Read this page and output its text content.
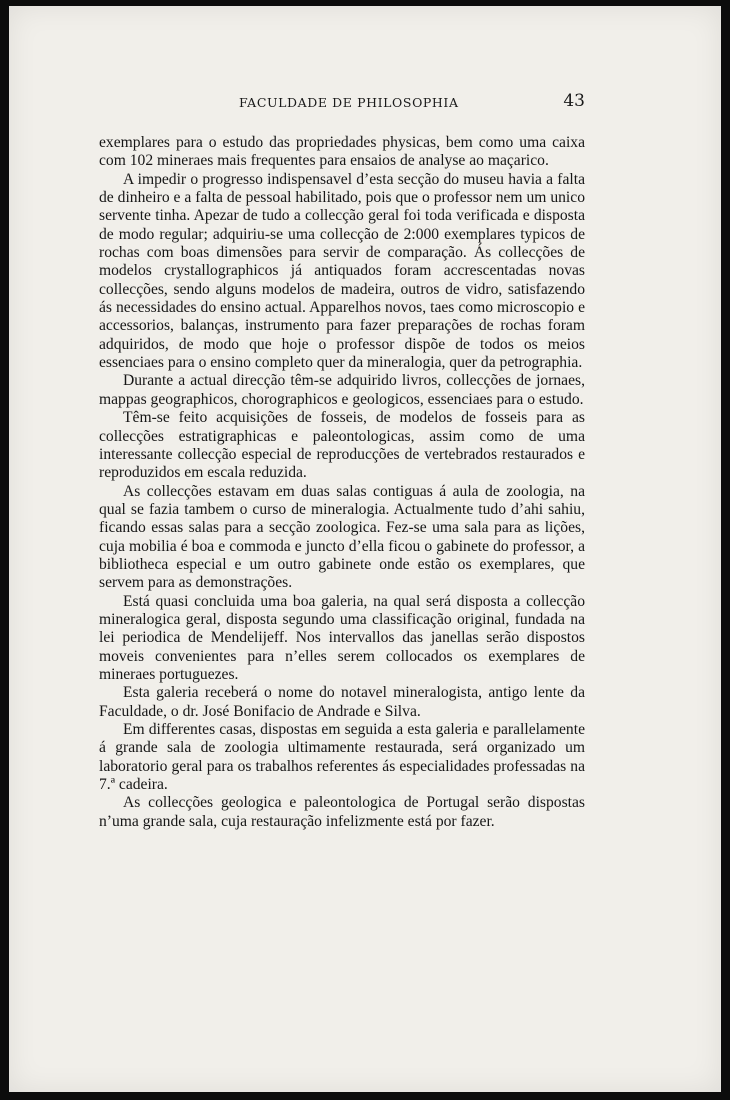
FACULDADE DE PHILOSOPHIA	43

exemplares para o estudo das propriedades physicas, bem como uma caixa com 102 mineraes mais frequentes para ensaios de analyse ao maçarico.

A impedir o progresso indispensavel d’esta secção do museu havia a falta de dinheiro e a falta de pessoal habilitado, pois que o professor nem um unico servente tinha. Apezar de tudo a collecção geral foi toda verificada e disposta de modo regular; adquiriu-se uma collecção de 2:000 exemplares typicos de rochas com boas dimensões para servir de comparação. Ás collecções de modelos crystallographicos já antiquados foram accrescentadas novas collecções, sendo alguns modelos de madeira, outros de vidro, satisfazendo ás necessidades do ensino actual. Apparelhos novos, taes como microscopio e accessorios, balanças, instrumento para fazer preparações de rochas foram adquiridos, de modo que hoje o professor dispõe de todos os meios essenciaes para o ensino completo quer da mineralogia, quer da petrographia.

Durante a actual direcção têm-se adquirido livros, collecções de jornaes, mappas geographicos, chorographicos e geologicos, essenciaes para o estudo.

Têm-se feito acquisições de fosseis, de modelos de fosseis para as collecções estratigraphicas e paleontologicas, assim como de uma interessante collecção especial de reproducções de vertebrados restaurados e reproduzidos em escala reduzida.

As collecções estavam em duas salas contiguas á aula de zoologia, na qual se fazia tambem o curso de mineralogia. Actualmente tudo d’ahi sahiu, ficando essas salas para a secção zoologica. Fez-se uma sala para as lições, cuja mobilia é boa e commoda e juncto d’ella ficou o gabinete do professor, a bibliotheca especial e um outro gabinete onde estão os exemplares, que servem para as demonstrações.

Está quasi concluida uma boa galeria, na qual será disposta a collecção mineralogica geral, disposta segundo uma classificação original, fundada na lei periodica de Mendelijeff. Nos intervallos das janellas serão dispostos moveis convenientes para n’elles serem collocados os exemplares de mineraes portuguezes.

Esta galeria receberá o nome do notavel mineralogista, antigo lente da Faculdade, o dr. José Bonifacio de Andrade e Silva.

Em differentes casas, dispostas em seguida a esta galeria e parallelamente á grande sala de zoologia ultimamente restaurada, será organizado um laboratorio geral para os trabalhos referentes ás especialidades professadas na 7.ª cadeira.

As collecções geologica e paleontologica de Portugal serão dispostas n’uma grande sala, cuja restauração infelizmente está por fazer.
